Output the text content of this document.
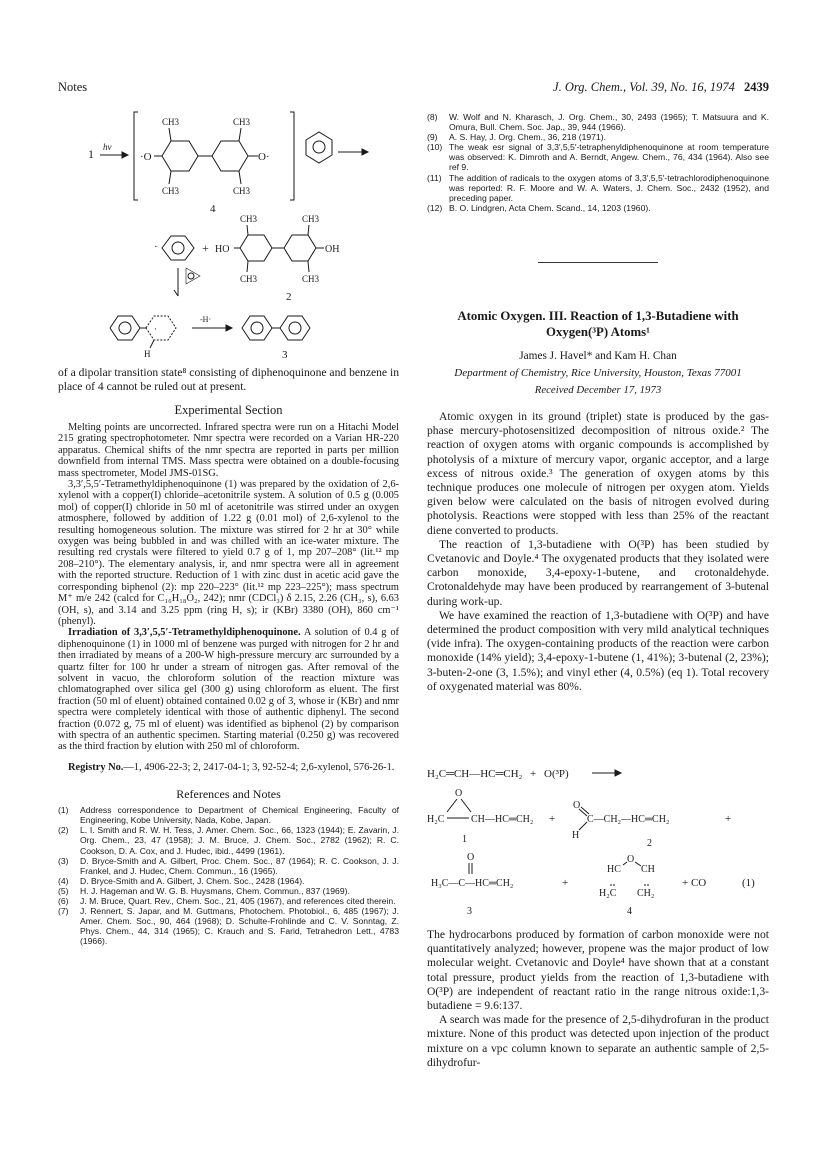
Notes	J. Org. Chem., Vol. 39, No. 16, 1974 2439
1 hν
·O	O·
CH3	CH3
CH3	CH3
4
·	+ HO	OH
CH3	CH3
CH3	CH3
2
·
H
-H·
3

of a dipolar transition state⁸ consisting of diphenoquinone and benzene in place of 4 cannot be ruled out at present.

Experimental Section

Melting points are uncorrected. Infrared spectra were run on a Hitachi Model 215 grating spectrophotometer. Nmr spectra were recorded on a Varian HR-220 apparatus. Chemical shifts of the nmr spectra are reported in parts per million downfield from internal TMS. Mass spectra were obtained on a double-focusing mass spectrometer, Model JMS-01SG.

3,3′,5,5′-Tetramethyldiphenoquinone (1) was prepared by the oxidation of 2,6-xylenol with a copper(I) chloride–acetonitrile system. A solution of 0.5 g (0.005 mol) of copper(I) chloride in 50 ml of acetonitrile was stirred under an oxygen atmosphere, followed by addition of 1.22 g (0.01 mol) of 2,6-xylenol to the resulting homogeneous solution. The mixture was stirred for 2 hr at 30° while oxygen was being bubbled in and was chilled with an ice-water mixture. The resulting red crystals were filtered to yield 0.7 g of 1, mp 207–208° (lit.¹² mp 208–210°). The elementary analysis, ir, and nmr spectra were all in agreement with the reported structure. Reduction of 1 with zinc dust in acetic acid gave the corresponding biphenol (2): mp 220–223° (lit.¹² mp 223–225°); mass spectrum M⁺ m/e 242 (calcd for C₁₆H₁₈O₂, 242); nmr (CDCl₃) δ 2.15, 2.26 (CH₃, s), 6.63 (OH, s), and 3.14 and 3.25 ppm (ring H, s); ir (KBr) 3380 (OH), 860 cm⁻¹ (phenyl).

Irradiation of 3,3′,5,5′-Tetramethyldiphenoquinone. A solution of 0.4 g of diphenoquinone (1) in 1000 ml of benzene was purged with nitrogen for 2 hr and then irradiated by means of a 200-W high-pressure mercury arc surrounded by a quartz filter for 100 hr under a stream of nitrogen gas. After removal of the solvent in vacuo, the chloroform solution of the reaction mixture was chlomatographed over silica gel (300 g) using chloroform as eluent. The first fraction (50 ml of eluent) obtained contained 0.02 g of 3, whose ir (KBr) and nmr spectra were completely identical with those of authentic diphenyl. The second fraction (0.072 g, 75 ml of eluent) was identified as biphenol (2) by comparison with spectra of an authentic specimen. Starting material (0.250 g) was recovered as the third fraction by elution with 250 ml of chloroform.

Registry No.—1, 4906-22-3; 2, 2417-04-1; 3, 92-52-4; 2,6-xylenol, 576-26-1.

References and Notes

(1)	Address correspondence to Department of Chemical Engineering, Faculty of Engineering, Kobe University, Nada, Kobe, Japan.
(2)	L. I. Smith and R. W. H. Tess, J. Amer. Chem. Soc., 66, 1323 (1944); E. Zavarin, J. Org. Chem., 23, 47 (1958); J. M. Bruce, J. Chem. Soc., 2782 (1962); R. C. Cookson, D. A. Cox, and J. Hudec, ibid., 4499 (1961).
(3)	D. Bryce-Smith and A. Gilbert, Proc. Chem. Soc., 87 (1964); R. C. Cookson, J. J. Frankel, and J. Hudec, Chem. Commun., 16 (1965).
(4)	D. Bryce-Smith and A. Gilbert, J. Chem. Soc., 2428 (1964).
(5)	H. J. Hageman and W. G. B. Huysmans, Chem. Commun., 837 (1969).
(6)	J. M. Bruce, Quart. Rev., Chem. Soc., 21, 405 (1967), and references cited therein.
(7)	J. Rennert, S. Japar, and M. Guttmans, Photochem. Photobiol., 6, 485 (1967); J. Amer. Chem. Soc., 90, 464 (1968); D. Schulte-Frohlinde and C. V. Sonntag, Z. Phys. Chem., 44, 314 (1965); C. Krauch and S. Farid, Tetrahedron Lett., 4783 (1966).
(8)	W. Wolf and N. Kharasch, J. Org. Chem., 30, 2493 (1965); T. Matsuura and K. Omura, Bull. Chem. Soc. Jap., 39, 944 (1966).
(9)	A. S. Hay, J. Org. Chem., 36, 218 (1971).
(10) The weak esr signal of 3,3′,5,5′-tetraphenyldiphenoquinone at room temperature was observed: K. Dimroth and A. Berndt, Angew. Chem., 76, 434 (1964). Also see ref 9.
(11) The addition of radicals to the oxygen atoms of 3,3′,5,5′-tetrachlorodiphenoquinone was reported: R. F. Moore and W. A. Waters, J. Chem. Soc., 2432 (1952), and preceding paper.
(12) B. O. Lindgren, Acta Chem. Scand., 14, 1203 (1960).

Atomic Oxygen. III. Reaction of 1,3-Butadiene with Oxygen(³P) Atoms¹

James J. Havel* and Kam H. Chan

Department of Chemistry, Rice University, Houston, Texas 77001

Received December 17, 1973

Atomic oxygen in its ground (triplet) state is produced by the gas-phase mercury-photosensitized decomposition of nitrous oxide.² The reaction of oxygen atoms with organic compounds is accomplished by photolysis of a mixture of mercury vapor, organic acceptor, and a large excess of nitrous oxide.³ The generation of oxygen atoms by this technique produces one molecule of nitrogen per oxygen atom. Yields given below were calculated on the basis of nitrogen evolved during photolysis. Reactions were stopped with less than 25% of the reactant diene converted to products.

The reaction of 1,3-butadiene with O(³P) has been studied by Cvetanovic and Doyle.⁴ The oxygenated products that they isolated were carbon monoxide, 3,4-epoxy-1-butene, and crotonaldehyde. Crotonaldehyde may have been produced by rearrangement of 3-butenal during work-up.

We have examined the reaction of 1,3-butadiene with O(³P) and have determined the product composition with very mild analytical techniques (vide infra). The oxygen-containing products of the reaction were carbon monoxide (14% yield); 3,4-epoxy-1-butene (1, 41%); 3-butenal (2, 23%); 3-buten-2-one (3, 1.5%); and vinyl ether (4, 0.5%) (eq 1). Total recovery of oxygenated material was 80%.

H₂C═CH—HC═CH₂ + O(³P)
O
H₂C	CH —HC═CH₂
1
+
O
H
C—CH₂—HC═CH₂
2
+
O
H₃C—C—HC═CH₂	+
HC
O
CH
+ CO	(1)
H₂C CH₂
3	4

The hydrocarbons produced by formation of carbon monoxide were not quantitatively analyzed; however, propene was the major product of low molecular weight. Cvetanovic and Doyle⁴ have shown that at a constant total pressure, product yields from the reaction of 1,3-butadiene with O(³P) are independent of reactant ratio in the range nitrous oxide:1,3-butadiene = 9.6:137.

A search was made for the presence of 2,5-dihydrofuran in the product mixture. None of this product was detected upon injection of the product mixture on a vpc column known to separate an authentic sample of 2,5-dihydrofur-
